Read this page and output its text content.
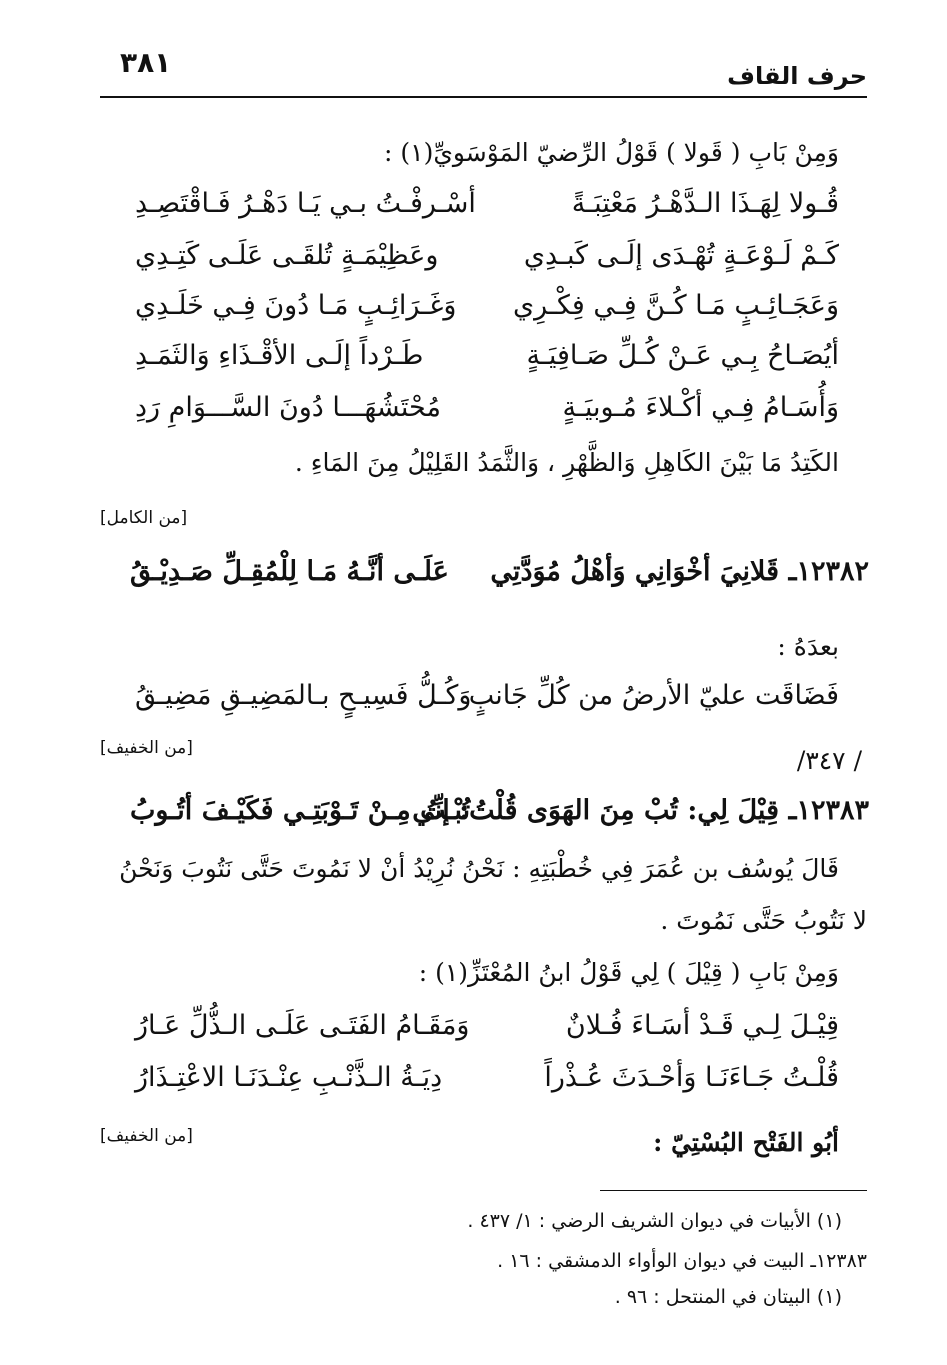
حرف القاف
٣٨١
وَمِنْ بَابِ ( قَولا ) قَوْلُ الرِّضيّ المَوْسَويِّ(١) :
قُـولا لِهَـذَا الـدَّهْـرُ مَعْتِبَـةً
أسْـرفْـتُ بـي يَـا دَهْـرُ فَـاقْتَصِـدِ
كَـمْ لَـوْعَـةٍ تُهْـدَى إلَـى كَبـدِي
وعَظِيْمَـةٍ تُلقَـى عَلَـى كَتِـدِي
وَعَجَـائِـبٍ مَـا كُـنَّ فِـي فِكْـرِي
وَغَـرَائِـبٍ مَـا دُونَ فِـي خَلَـدِي
أيُصَـاحُ بِـي عَـنْ كُـلِّ صَـافِيَـةٍ
طَـرْداً إلَـى الأقْـذَاءِ وَالثَمَـدِ
وَأُسَـامُ فِـي أكْـلاءَ مُـوبيَـةٍ
مُحْتَشُهَـــا دُونَ السَّـــوَامِ رَدِ
الكَتِدُ مَا بَيْنَ الكَاهِلِ وَالظَّهْرِ ، وَالثَّمَدُ القَلِيْلُ مِنَ المَاءِ .
[من الكامل]
١٢٣٨٢ـ
قَلانِيَ أخْوَانِي وَأهْلُ مُوَدَّتِي
عَلَـى أنَّـهُ مَـا لِلْمُقِـلِّ صَـدِيْـقُ
بعدَهُ :
فَضَاقَت عليّ الأرضُ من كُلِّ جَانبٍ
وَكُـلُّ فَسِيـحٍ بـالمَضِيـقِ مَضِيـقُ
[من الخفيف]	/ ٣٤٧/
١٢٣٨٣ـ
قِيْلَ لِي: تُبْ مِنَ الهَوَى قُلْتُ: إنِّي
تُبْـتُ مِـنْ تَـوْبَتِـي فَكَيْـفَ أتُـوبُ
قَالَ يُوسُف بن عُمَرَ فِي خُطْبَتِهِ : نَحْنُ نُرِيْدُ أنْ لا نَمُوتَ حَتَّى نَتُوبَ وَنَحْنُ
لا نَتُوبُ حَتَّى نَمُوتَ .
وَمِنْ بَابِ ( قِيْلَ ) لِي قَوْلُ ابنُ المُعْتَزِّ(١) :
قِيْـلَ لِـي قَـدْ أسَـاءَ فُـلانٌ
وَمَقَـامُ الفَتَـى عَلَـى الـذُّلِّ عَـارُ
قُلْـتُ جَـاءَنَـا وَأحْـدَثَ عُـذْراً
دِيَـةُ الـذَّنْـبِ عِنْـدَنَـا الاعْتِـذَارُ
[من الخفيف]	أبُو الفَتْح البُسْتِيّ :
(١) الأبيات في ديوان الشريف الرضي : ١/ ٤٣٧ .
١٢٣٨٣ـ البيت في ديوان الوأواء الدمشقي : ١٦ .
(١) البيتان في المنتحل : ٩٦ .
